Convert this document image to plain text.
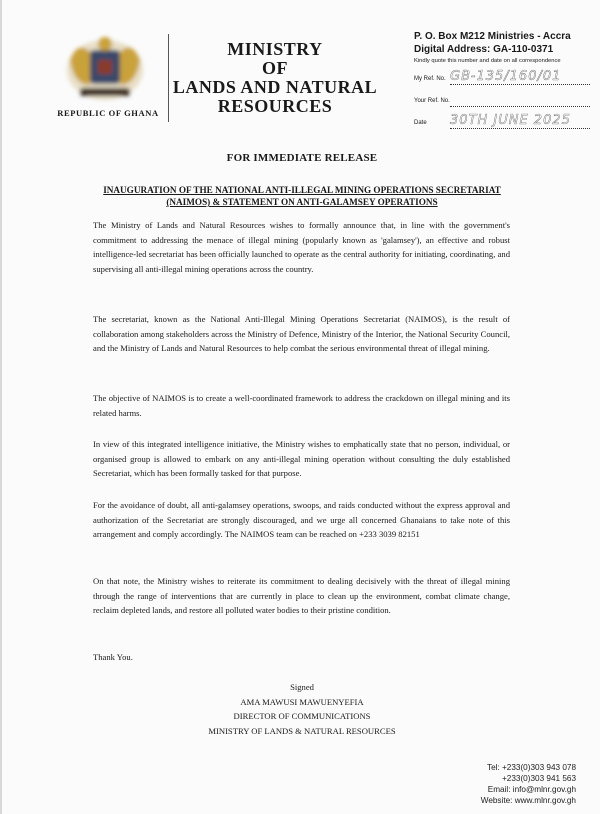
REPUBLIC OF GHANA
MINISTRY
OF
LANDS AND NATURAL
RESOURCES
P. O. Box M212 Ministries - Accra
Digital Address: GA-110-0371
Kindly quote this number and date on all correspondence
My Ref. No. GB-135/160/01
Your Ref. No.
Date 30TH JUNE 2025
FOR IMMEDIATE RELEASE
INAUGURATION OF THE NATIONAL ANTI-ILLEGAL MINING OPERATIONS SECRETARIAT (NAIMOS) & STATEMENT ON ANTI-GALAMSEY OPERATIONS

The Ministry of Lands and Natural Resources wishes to formally announce that, in line with the government's commitment to addressing the menace of illegal mining (popularly known as 'galamsey'), an effective and robust intelligence-led secretariat has been officially launched to operate as the central authority for initiating, coordinating, and supervising all anti-illegal mining operations across the country.

The secretariat, known as the National Anti-Illegal Mining Operations Secretariat (NAIMOS), is the result of collaboration among stakeholders across the Ministry of Defence, Ministry of the Interior, the National Security Council, and the Ministry of Lands and Natural Resources to help combat the serious environmental threat of illegal mining.

The objective of NAIMOS is to create a well-coordinated framework to address the crackdown on illegal mining and its related harms.

In view of this integrated intelligence initiative, the Ministry wishes to emphatically state that no person, individual, or organised group is allowed to embark on any anti-illegal mining operation without consulting the duly established Secretariat, which has been formally tasked for that purpose.

For the avoidance of doubt, all anti-galamsey operations, swoops, and raids conducted without the express approval and authorization of the Secretariat are strongly discouraged, and we urge all concerned Ghanaians to take note of this arrangement and comply accordingly. The NAIMOS team can be reached on +233 3039 82151

On that note, the Ministry wishes to reiterate its commitment to dealing decisively with the threat of illegal mining through the range of interventions that are currently in place to clean up the environment, combat climate change, reclaim depleted lands, and restore all polluted water bodies to their pristine condition.

Thank You.
Signed
AMA MAWUSI MAWUENYEFIA
DIRECTOR OF COMMUNICATIONS
MINISTRY OF LANDS & NATURAL RESOURCES
Tel: +233(0)303 943 078
+233(0)303 941 563
Email: info@mlnr.gov.gh
Website: www.mlnr.gov.gh
